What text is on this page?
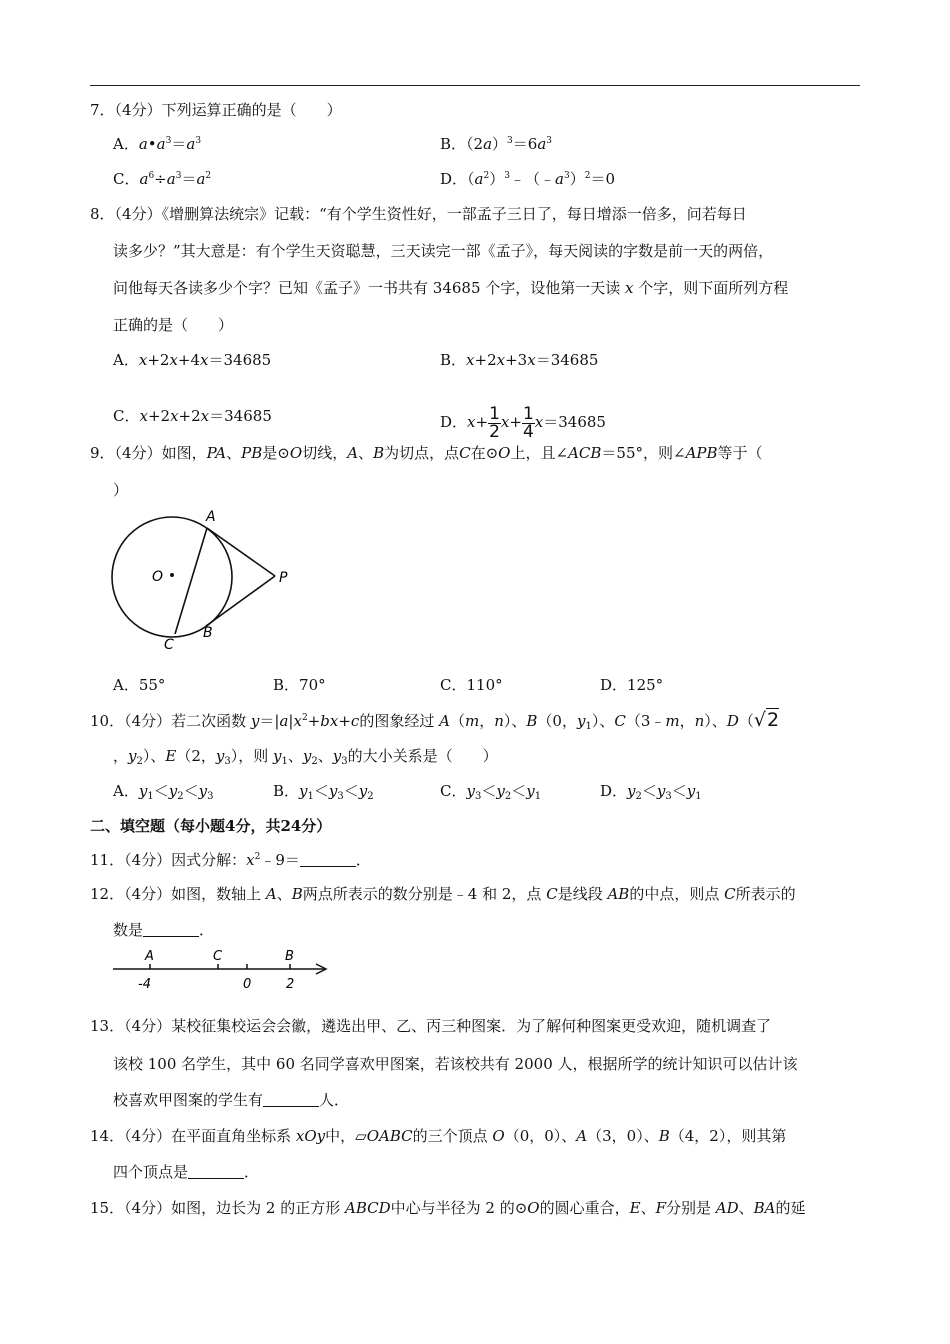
7．（4分）下列运算正确的是（　　）
A．$a•a^3=a^3$	B．$(2a)^3=6a^3$
C．$a^6\div a^3=a^2$	D．$(a^2)^3﹣(﹣a^3)^2=0$
8．（4分）《增删算法统宗》记载：“有个学生资性好，一部孟子三日了，每日增添一倍多，问若每日
读多少？”其大意是：有个学生天资聪慧，三天读完一部《孟子》，每天阅读的字数是前一天的两倍，
问他每天各读多少个字？已知《孟子》一书共有 34685 个字，设他第一天读 x 个字，则下面所列方程
正确的是（　　）
A．x+2x+4x＝34685	B．x+2x+3x＝34685
C．x+2x+2x＝34685	D．$x+ \frac{1}{2} x+ \frac{1}{4} x=34685$
9．（4分）如图，PA、PB是⊙O切线，A、B为切点，点C在⊙O上，且∠ACB＝55°，则∠APB等于（
）
A
O	P
B
C
A．55°	B．70°	C．110°	D．125°
10．（4分）若二次函数 $y=|a|x^2+bx+c$的图象经过 A（m，n）、B（0，$y_1$）、C（3﹣m，n）、D（√2
，$y_2$）、E（2，$y_3$），则 $y_1$、$y_2$、$y_3$的大小关系是（　　）
A．$y_1<y_2<y_3$	B．$y_1<y_3<y_2$	C．$y_3<y_2<y_1$	D．$y_2<y_3<y_1$
二、填空题（每小题4分，共24分）
11．（4分）因式分解：$x^2﹣9=$	．
12．（4分）如图，数轴上 A、B两点所表示的数分别是﹣4 和 2，点 C是线段 AB的中点，则点 C所表示的
数是	．
A	C	B
-4	0	2
13．（4分）某校征集校运会会徽，遴选出甲、乙、丙三种图案．为了解何种图案更受欢迎，随机调查了
该校 100 名学生，其中 60 名同学喜欢甲图案，若该校共有 2000 人，根据所学的统计知识可以估计该
校喜欢甲图案的学生有	人．
14．（4分）在平面直角坐标系 xOy中，▱OABC的三个顶点 O（0，0）、A（3，0）、B（4，2），则其第
四个顶点是	．
15．（4分）如图，边长为 2 的正方形 ABCD中心与半径为 2 的⊙O的圆心重合，E、F分别是 AD、BA的延
